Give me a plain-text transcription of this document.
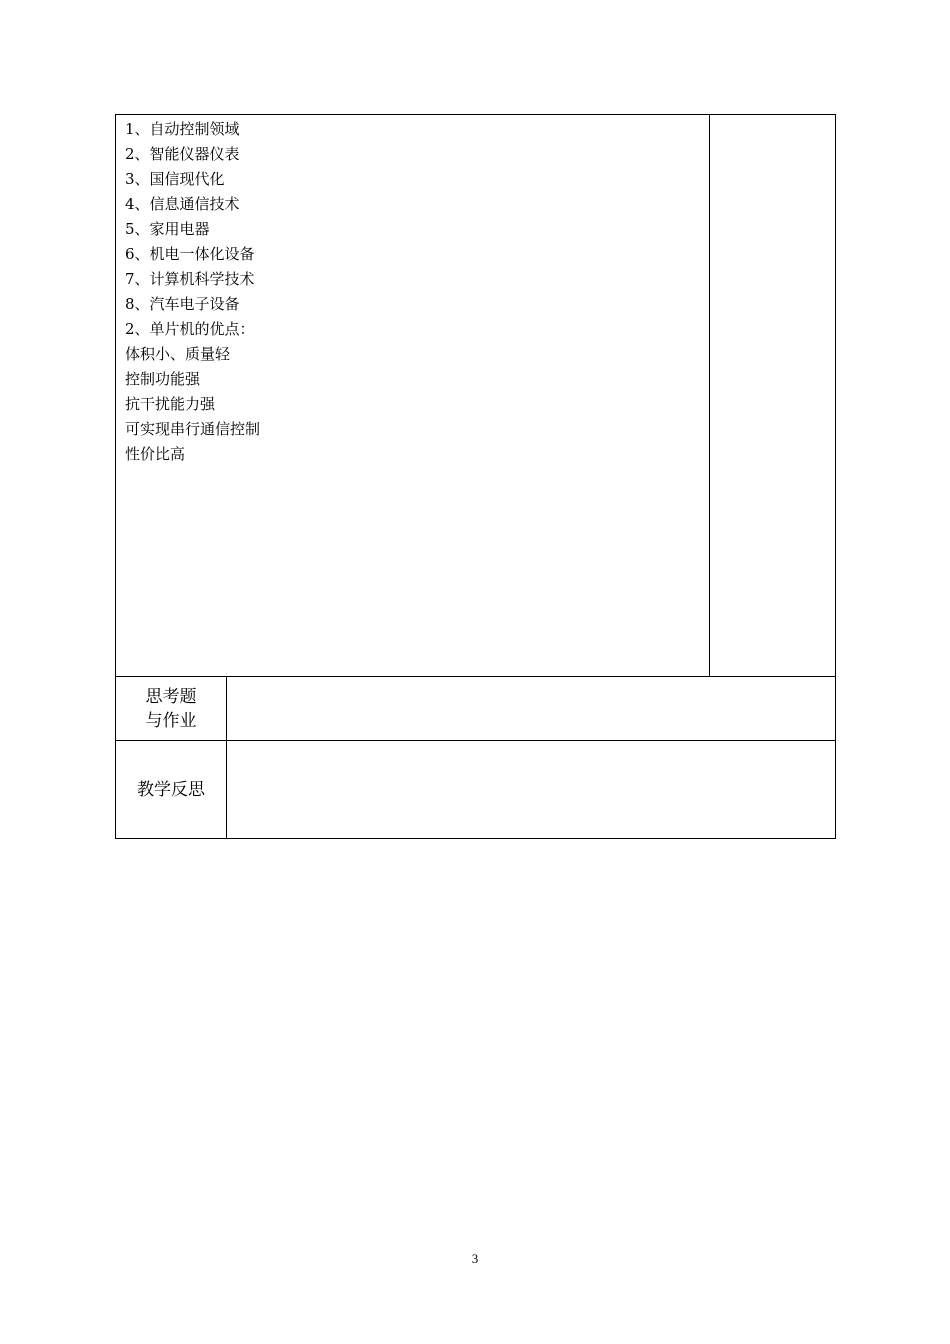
1、自动控制领域
2、智能仪器仪表
3、国信现代化
4、信息通信技术
5、家用电器
6、机电一体化设备
7、计算机科学技术
8、汽车电子设备
2、单片机的优点：
体积小、质量轻
控制功能强
抗干扰能力强
可实现串行通信控制
性价比高
思考题
与作业
教学反思
3
